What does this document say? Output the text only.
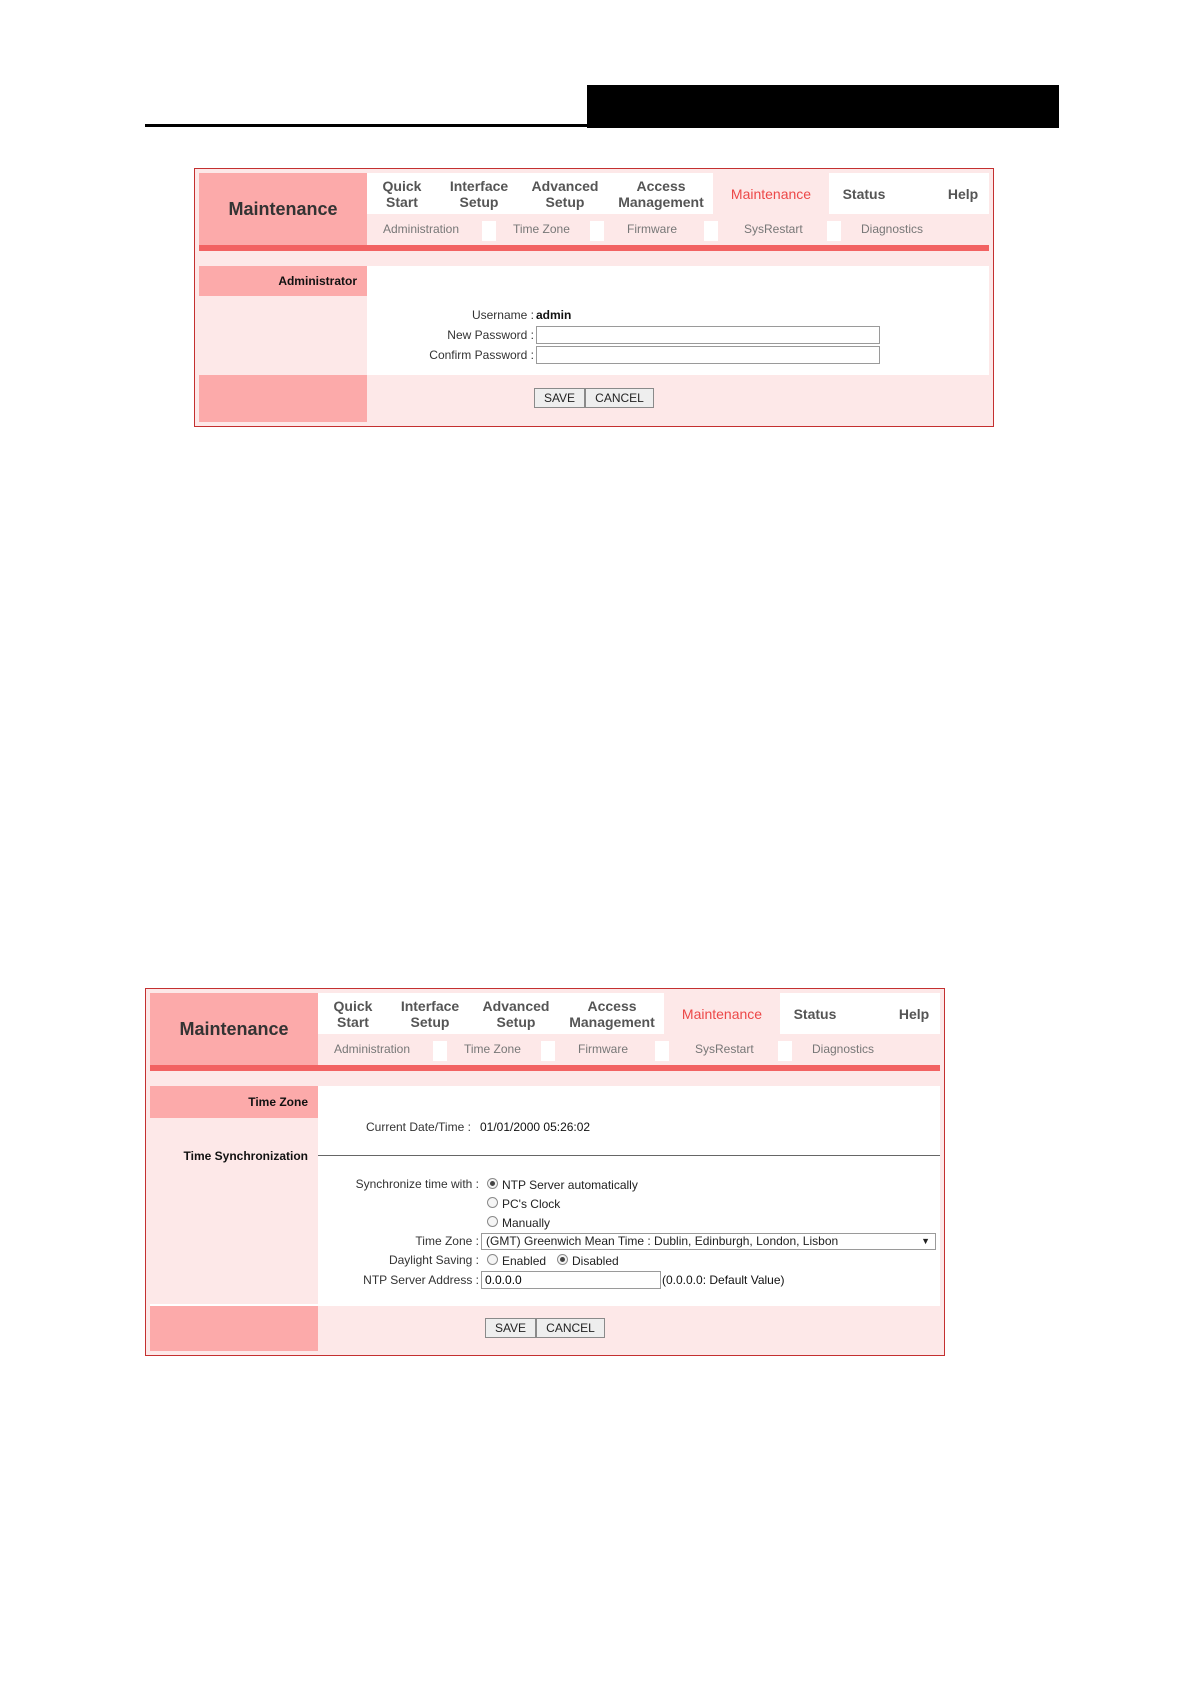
Maintenance
Quick
Start
Interface
Setup
Advanced
Setup
Access
Management Maintenance Status	Help
Administration	Time Zone	Firmware	SysRestart	Diagnostics
Administrator
Username : admin
New Password :
Confirm Password :
SAVE	CANCEL
Maintenance
Quick
Start
Interface
Setup
Advanced
Setup
Access
Management Maintenance Status	Help
Administration	Time Zone	Firmware	SysRestart	Diagnostics
Time Zone
Current Date/Time : 01/01/2000 05:26:02
Time Synchronization
Synchronize time with :	NTP Server automatically
PC's Clock
Manually
Time Zone : (GMT) Greenwich Mean Time : Dublin, Edinburgh, London, Lisbon	▼
Daylight Saving :	Enabled	Disabled
NTP Server Address :
0.0.0.0	(0.0.0.0: Default Value)
SAVE	CANCEL
